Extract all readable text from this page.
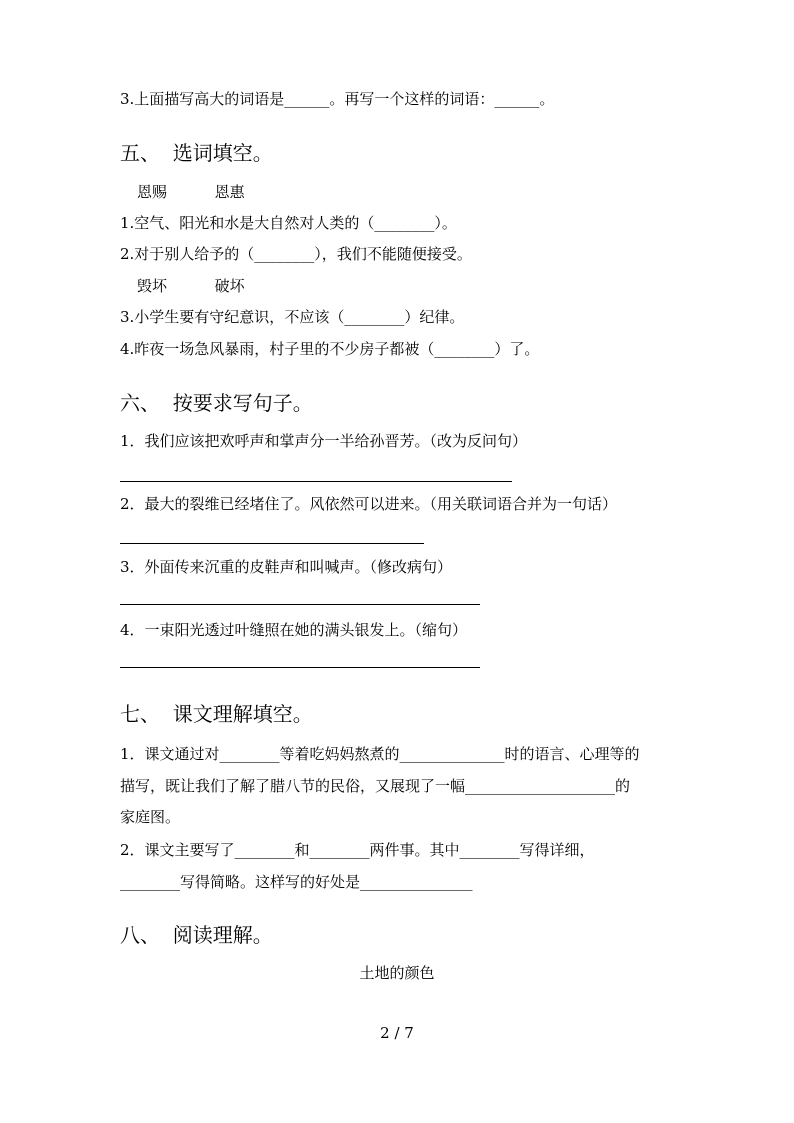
3.上面描写高大的词语是______。再写一个这样的词语：______。
五、  选词填空。
恩赐          恩惠
1.空气、阳光和水是大自然对人类的（________）。
2.对于别人给予的（________），我们不能随便接受。
毁坏          破坏
3.小学生要有守纪意识，不应该（________）纪律。
4.昨夜一场急风暴雨，村子里的不少房子都被（________）了。
六、  按要求写句子。
1．我们应该把欢呼声和掌声分一半给孙晋芳。（改为反问句）
2．最大的裂维已经堵住了。风依然可以进来。（用关联词语合并为一句话）
3．外面传来沉重的皮鞋声和叫喊声。（修改病句）
4．一束阳光透过叶缝照在她的满头银发上。（缩句）
七、  课文理解填空。
1．课文通过对________等着吃妈妈熬煮的______________时的语言、心理等的
描写，既让我们了解了腊八节的民俗，又展现了一幅____________________的
家庭图。
2．课文主要写了________和________两件事。其中________写得详细，
________写得简略。这样写的好处是_______________
八、  阅读理解。
土地的颜色
2 / 7
